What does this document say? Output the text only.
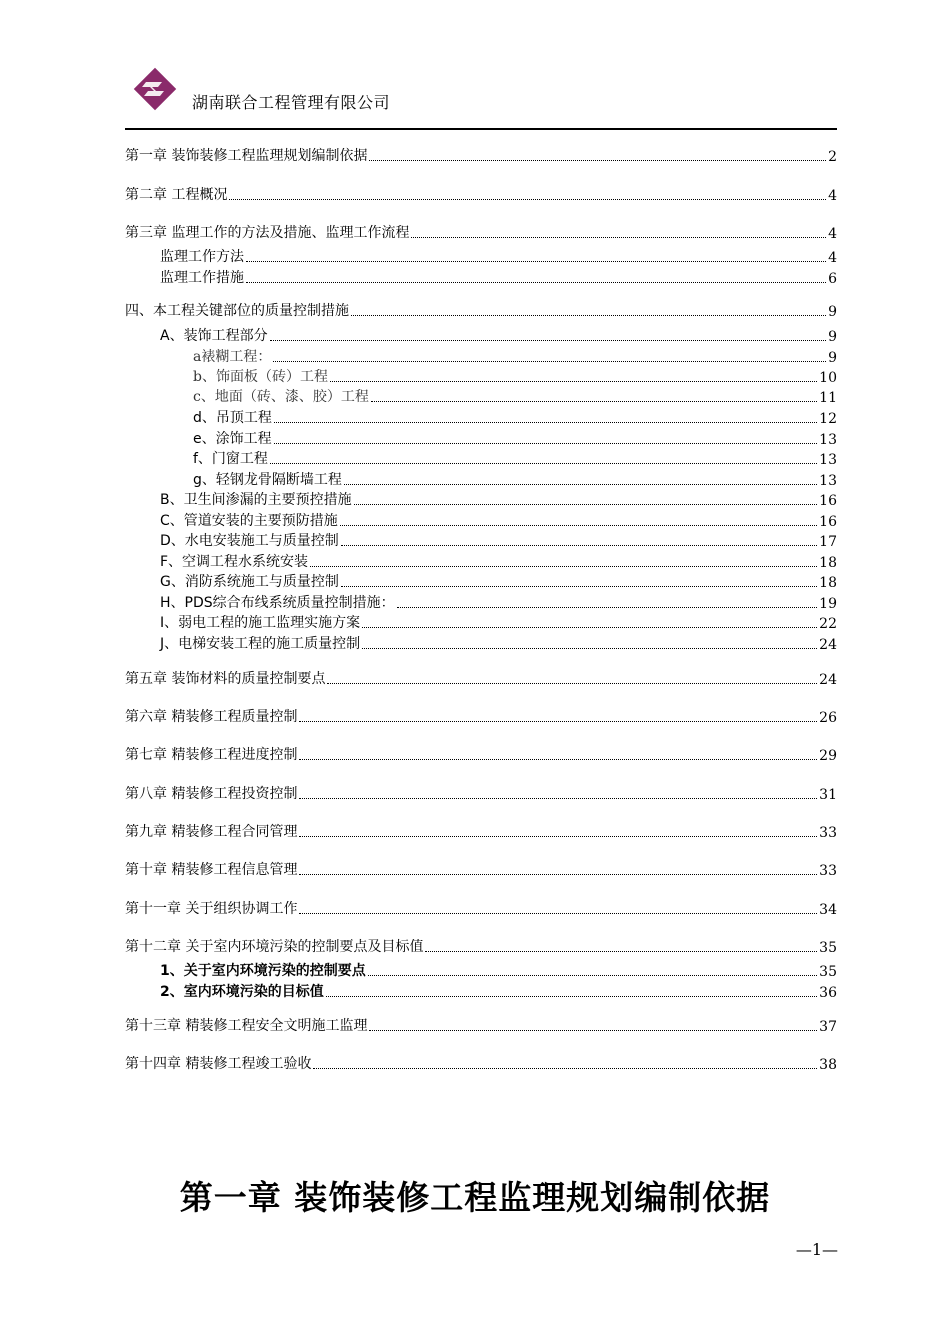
湖南联合工程管理有限公司
第一章 装饰装修工程监理规划编制依据	2
第二章 工程概况	4
第三章 监理工作的方法及措施、监理工作流程	4
监理工作方法	4
监理工作措施	6
四、本工程关键部位的质量控制措施	9
A、装饰工程部分	9
a裱糊工程：	9
b、饰面板（砖）工程	10
c、地面（砖、漆、胶）工程	11
d、吊顶工程	12
e、涂饰工程	13
f、门窗工程	13
g、轻钢龙骨隔断墙工程	13
B、卫生间渗漏的主要预控措施	16
C、管道安装的主要预防措施	16
D、水电安装施工与质量控制	17
F、空调工程水系统安装	18
G、消防系统施工与质量控制	18
H、PDS综合布线系统质量控制措施：	19
I、弱电工程的施工监理实施方案	22
J、电梯安装工程的施工质量控制	24
第五章 装饰材料的质量控制要点	24
第六章 精装修工程质量控制	26
第七章 精装修工程进度控制	29
第八章 精装修工程投资控制	31
第九章 精装修工程合同管理	33
第十章 精装修工程信息管理	33
第十一章 关于组织协调工作	34
第十二章 关于室内环境污染的控制要点及目标值	35
1、关于室内环境污染的控制要点	35
2、室内环境污染的目标值	36
第十三章 精装修工程安全文明施工监理	37
第十四章 精装修工程竣工验收	38
第一章 装饰装修工程监理规划编制依据
—1—
